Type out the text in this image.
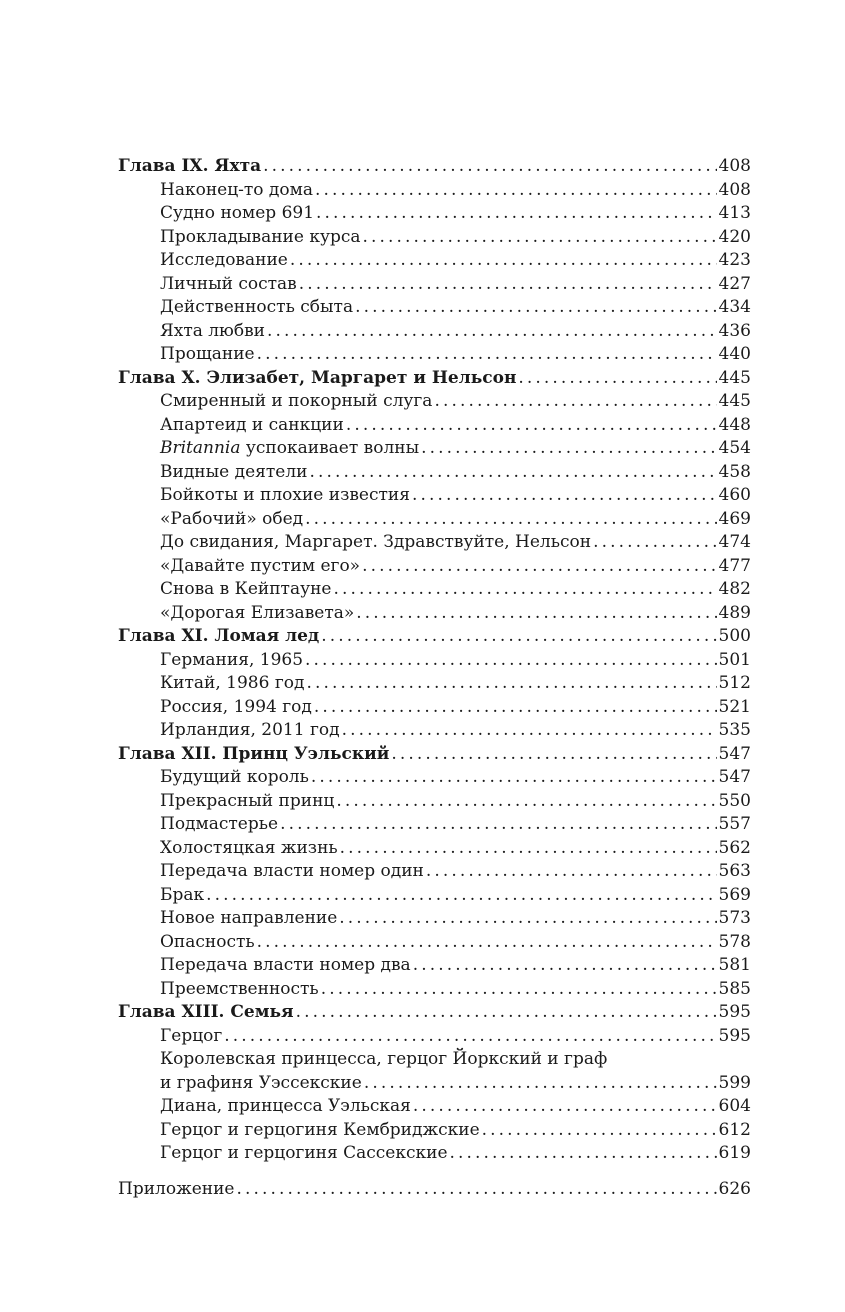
Глава IX. Яхта .....	408
Наконец-то дома .....	408
Судно номер 691 .....	413
Прокладывание курса .....	420
Исследование .....	423
Личный состав .....	427
Действенность сбыта .....	434
Яхта любви .....	436
Прощание .....	440
Глава X. Элизабет, Маргарет и Нельсон .....	445
Смиренный и покорный слуга .....	445
Апартеид и санкции .....	448
Britannia успокаивает волны .....	454
Видные деятели .....	458
Бойкоты и плохие известия .....	460
«Рабочий» обед .....	469
До свидания, Маргарет. Здравствуйте, Нельсон .....	474
«Давайте пустим его» .....	477
Снова в Кейптауне .....	482
«Дорогая Елизавета» .....	489
Глава XI. Ломая лед .....	500
Германия, 1965 .....	501
Китай, 1986 год .....	512
Россия, 1994 год .....	521
Ирландия, 2011 год .....	535
Глава XII. Принц Уэльский .....	547
Будущий король .....	547
Прекрасный принц .....	550
Подмастерье .....	557
Холостяцкая жизнь .....	562
Передача власти номер один .....	563
Брак .....	569
Новое направление .....	573
Опасность .....	578
Передача власти номер два .....	581
Преемственность .....	585
Глава XIII. Семья .....	595
Герцог .....	595
Королевская принцесса, герцог Йоркский и граф
и графиня Уэссекские .....	599
Диана, принцесса Уэльская .....	604
Герцог и герцогиня Кембриджские .....	612
Герцог и герцогиня Сассекские .....	619
Приложение .....	626
